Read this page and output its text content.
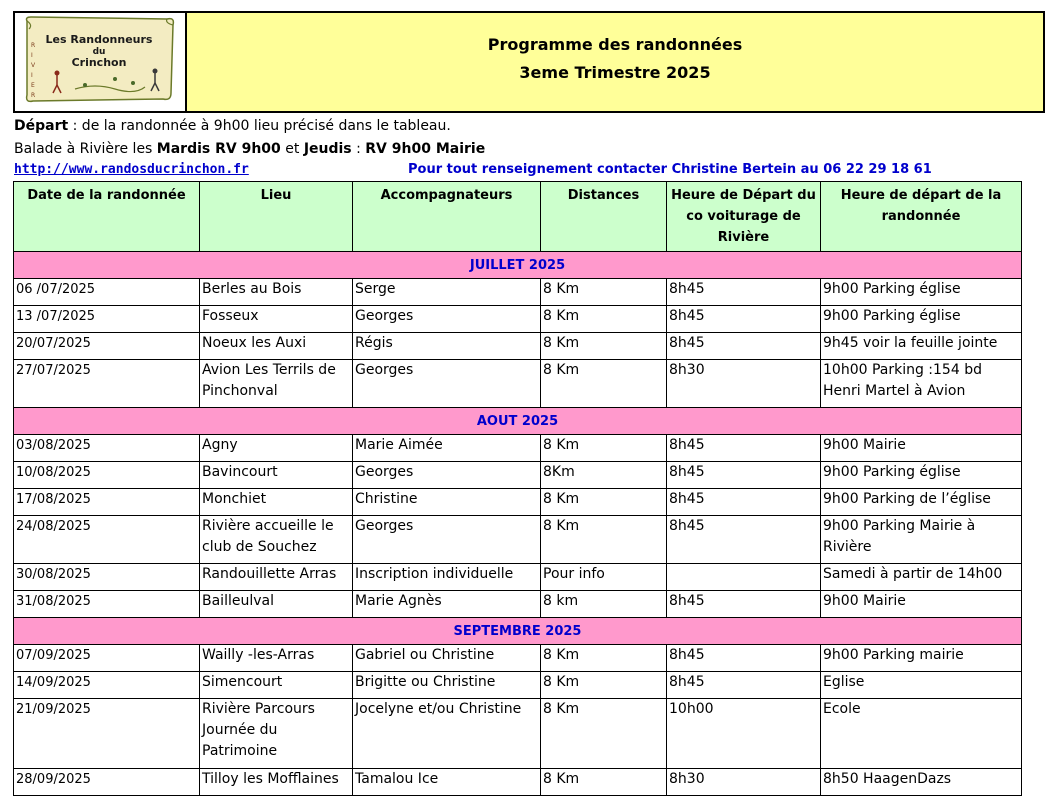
R
I
V
I
E
R
Les Randonneurs
du
Crinchon
Programme des randonnées
3eme Trimestre 2025
Départ : de la randonnée à 9h00 lieu précisé dans le tableau.
Balade à Rivière les Mardis RV 9h00 et Jeudis : RV 9h00 Mairie
http://www.randosducrinchon.fr	Pour tout renseignement contacter Christine Bertein au 06 22 29 18 61
Date de la randonnée	Lieu	Accompagnateurs	Distances	Heure de Départ du co voiturage de Rivière	Heure de départ de la randonnée
JUILLET 2025					
06 /07/2025	Berles au Bois	Serge	8 Km	8h45	9h00 Parking église
13 /07/2025	Fosseux	Georges	8 Km	8h45	9h00 Parking église
20/07/2025	Noeux les Auxi	Régis	8 Km	8h45	9h45 voir la feuille jointe
27/07/2025	Avion Les Terrils de Pinchonval	Georges	8 Km	8h30	10h00 Parking :154 bd Henri Martel à Avion
AOUT 2025					
03/08/2025	Agny	Marie Aimée	8 Km	8h45	9h00 Mairie
10/08/2025	Bavincourt	Georges	8Km	8h45	9h00 Parking église
17/08/2025	Monchiet	Christine	8 Km	8h45	9h00 Parking de l’église
24/08/2025	Rivière accueille le club de Souchez	Georges	8 Km	8h45	9h00 Parking Mairie à Rivière
30/08/2025	Randouillette Arras	Inscription individuelle	Pour info		Samedi à partir de 14h00
31/08/2025	Bailleulval	Marie Agnès	8 km	8h45	9h00 Mairie
SEPTEMBRE 2025					
07/09/2025	Wailly -les-Arras	Gabriel ou Christine	8 Km	8h45	9h00 Parking mairie
14/09/2025	Simencourt	Brigitte ou Christine	8 Km	8h45	Eglise
21/09/2025	Rivière Parcours Journée du Patrimoine	Jocelyne et/ou Christine	8 Km	10h00	Ecole
28/09/2025	Tilloy les Mofflaines	Tamalou Ice	8 Km	8h30	8h50 HaagenDazs
